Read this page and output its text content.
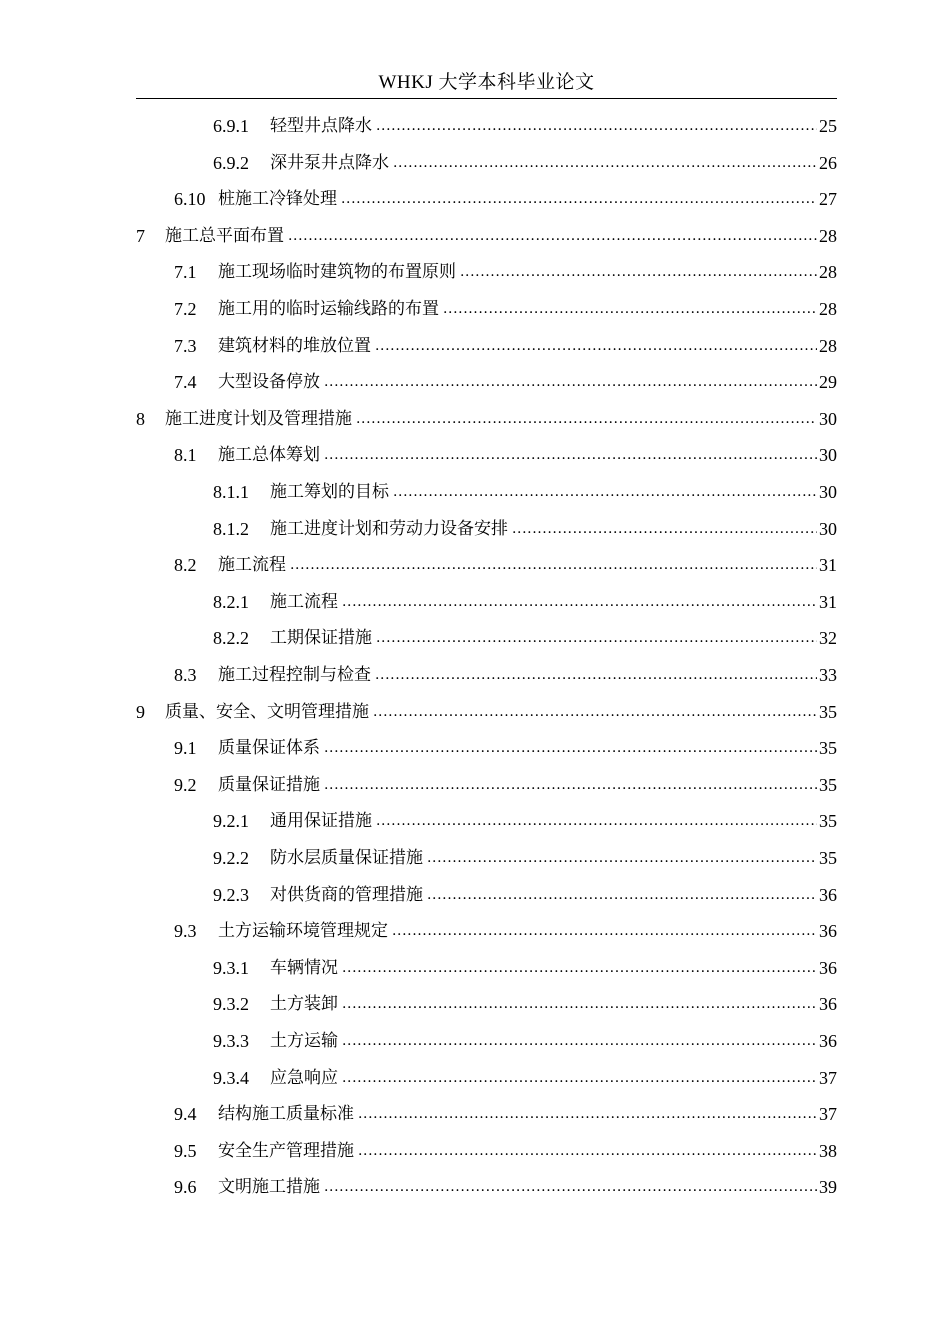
WHKJ 大学本科毕业论文
6.9.1	轻型井点降水 .....	25
6.9.2	深井泵井点降水 .....	26
6.10 桩施工冷锋处理 .....	27
7	施工总平面布置 .....	28
7.1	施工现场临时建筑物的布置原则 .....	28
7.2	施工用的临时运输线路的布置 .....	28
7.3	建筑材料的堆放位置 .....	28
7.4	大型设备停放 .....	29
8	施工进度计划及管理措施 .....	30
8.1	施工总体筹划 .....	30
8.1.1	施工筹划的目标 .....	30
8.1.2	施工进度计划和劳动力设备安排 .....	30
8.2	施工流程 .....	31
8.2.1	施工流程 .....	31
8.2.2	工期保证措施 .....	32
8.3	施工过程控制与检查 .....	33
9	质量、安全、文明管理措施 .....	35
9.1	质量保证体系 .....	35
9.2	质量保证措施 .....	35
9.2.1	通用保证措施 .....	35
9.2.2	防水层质量保证措施 .....	35
9.2.3	对供货商的管理措施 .....	36
9.3	土方运输环境管理规定 .....	36
9.3.1	车辆情况 .....	36
9.3.2	土方装卸 .....	36
9.3.3	土方运输 .....	36
9.3.4	应急响应 .....	37
9.4	结构施工质量标准 .....	37
9.5	安全生产管理措施 .....	38
9.6	文明施工措施 .....	39
